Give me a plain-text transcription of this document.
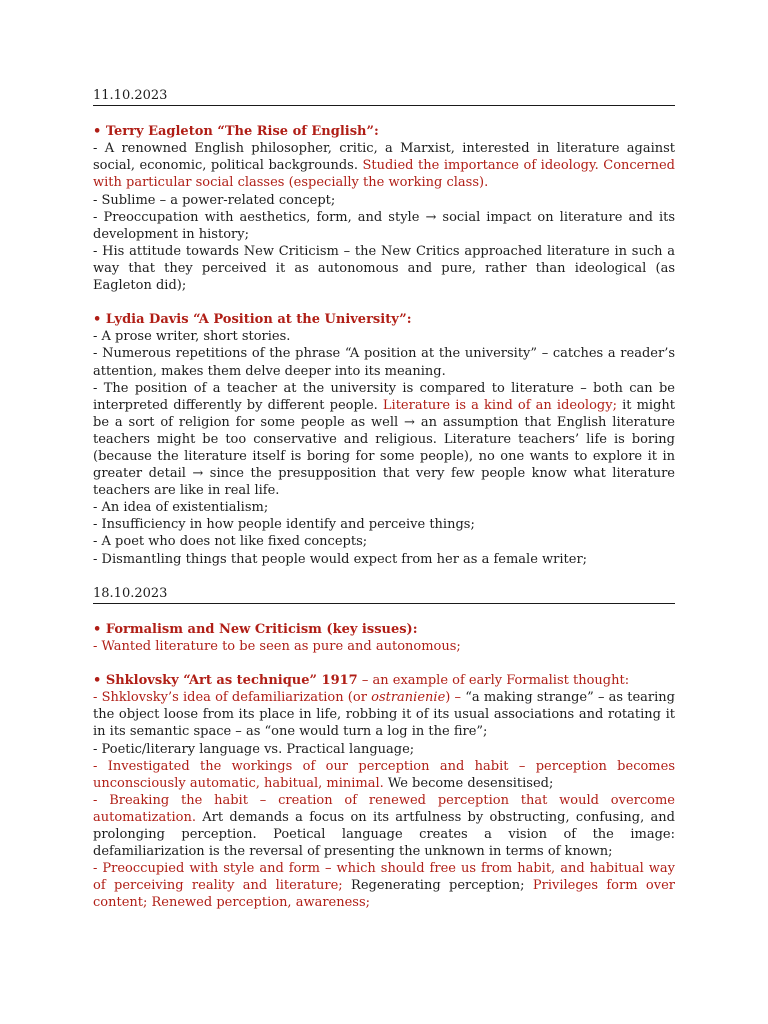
11.10.2023
• Terry Eagleton “The Rise of English”:
- A renowned English philosopher, critic, a Marxist, interested in literature against social, economic, political backgrounds. Studied the importance of ideology. Concerned with particular social classes (especially the working class).
- Sublime – a power-related concept;
- Preoccupation with aesthetics, form, and style → social impact on literature and its development in history;
- His attitude towards New Criticism – the New Critics approached literature in such a way that they perceived it as autonomous and pure, rather than ideological (as Eagleton did);
• Lydia Davis “A Position at the University”:
- A prose writer, short stories.
- Numerous repetitions of the phrase “A position at the university” – catches a reader’s attention, makes them delve deeper into its meaning.
- The position of a teacher at the university is compared to literature – both can be interpreted differently by different people. Literature is a kind of an ideology; it might be a sort of religion for some people as well → an assumption that English literature teachers might be too conservative and religious. Literature teachers’ life is boring (because the literature itself is boring for some people), no one wants to explore it in greater detail → since the presupposition that very few people know what literature teachers are like in real life.
- An idea of existentialism;
- Insufficiency in how people identify and perceive things;
- A poet who does not like fixed concepts;
- Dismantling things that people would expect from her as a female writer;
18.10.2023
• Formalism and New Criticism (key issues):
- Wanted literature to be seen as pure and autonomous;
• Shklovsky “Art as technique” 1917 – an example of early Formalist thought:
- Shklovsky’s idea of defamiliarization (or ostranienie) – “a making strange” – as tearing the object loose from its place in life, robbing it of its usual associations and rotating it in its semantic space – as “one would turn a log in the fire”;
- Poetic/literary language vs. Practical language;
- Investigated the workings of our perception and habit – perception becomes unconsciously automatic, habitual, minimal. We become desensitised;
- Breaking the habit – creation of renewed perception that would overcome automatization. Art demands a focus on its artfulness by obstructing, confusing, and prolonging perception. Poetical language creates a vision of the image: defamiliarization is the reversal of presenting the unknown in terms of known;
- Preoccupied with style and form – which should free us from habit, and habitual way of perceiving reality and literature; Regenerating perception; Privileges form over content; Renewed perception, awareness;
